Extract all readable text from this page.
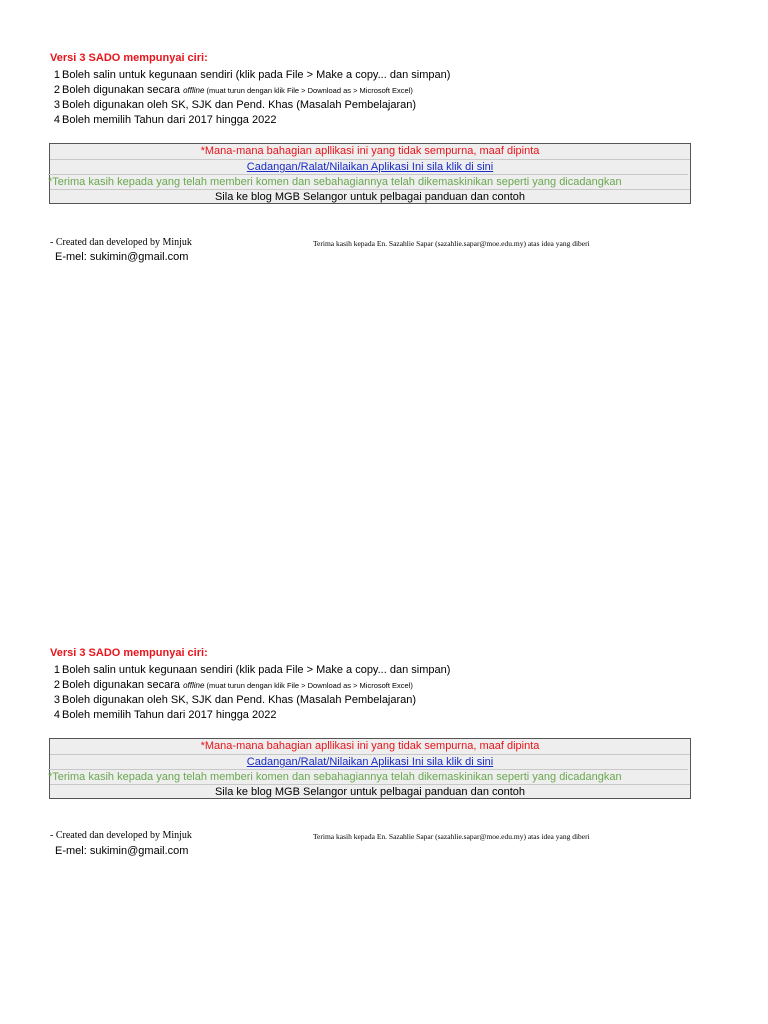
Versi 3 SADO mempunyai ciri:
1 Boleh salin untuk kegunaan sendiri (klik pada File > Make a copy... dan simpan)
2 Boleh digunakan secara offline (muat turun dengan klik File > Download as > Microsoft Excel)
3 Boleh digunakan oleh SK, SJK dan Pend. Khas (Masalah Pembelajaran)
4 Boleh memilih Tahun dari 2017 hingga 2022
*Mana-mana bahagian apllikasi ini yang tidak sempurna, maaf dipinta
Cadangan/Ralat/Nilaikan Aplikasi Ini sila klik di sini
*Terima kasih kepada yang telah memberi komen dan sebahagiannya telah dikemaskinikan seperti yang dicadangkan
Sila ke blog MGB Selangor untuk pelbagai panduan dan contoh
- Created dan developed by Minjuk	Terima kasih kepada En. Sazahlie Sapar (sazahlie.sapar@moe.edu.my) atas idea yang diberi
E-mel: sukimin@gmail.com
Versi 3 SADO mempunyai ciri:
1 Boleh salin untuk kegunaan sendiri (klik pada File > Make a copy... dan simpan)
2 Boleh digunakan secara offline (muat turun dengan klik File > Download as > Microsoft Excel)
3 Boleh digunakan oleh SK, SJK dan Pend. Khas (Masalah Pembelajaran)
4 Boleh memilih Tahun dari 2017 hingga 2022
*Mana-mana bahagian apllikasi ini yang tidak sempurna, maaf dipinta
Cadangan/Ralat/Nilaikan Aplikasi Ini sila klik di sini
*Terima kasih kepada yang telah memberi komen dan sebahagiannya telah dikemaskinikan seperti yang dicadangkan
Sila ke blog MGB Selangor untuk pelbagai panduan dan contoh
- Created dan developed by Minjuk	Terima kasih kepada En. Sazahlie Sapar (sazahlie.sapar@moe.edu.my) atas idea yang diberi
E-mel: sukimin@gmail.com
